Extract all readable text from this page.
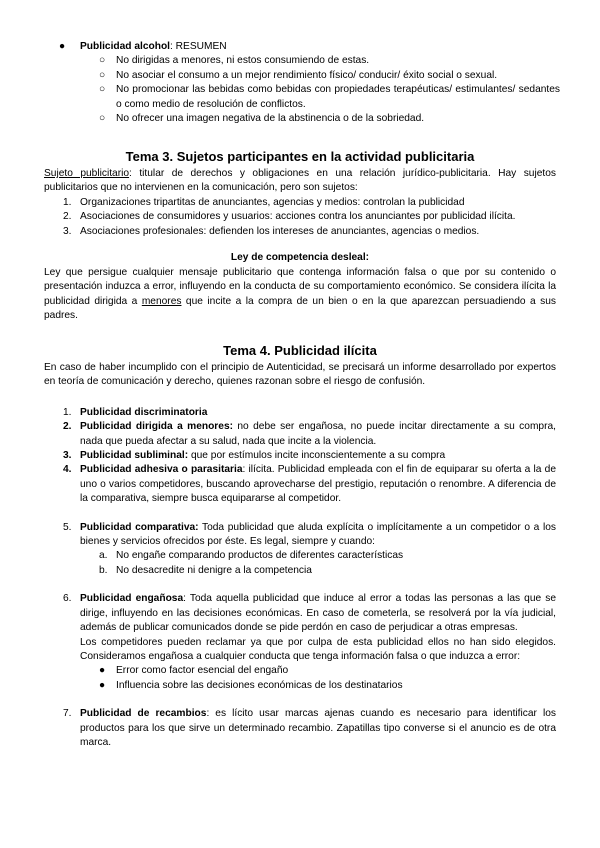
● Publicidad alcohol: RESUMEN
○ No dirigidas a menores, ni estos consumiendo de estas.
○ No asociar el consumo a un mejor rendimiento físico/ conducir/ éxito social o sexual.
○ No promocionar las bebidas como bebidas con propiedades terapéuticas/ estimulantes/ sedantes o como medio de resolución de conflictos.
○ No ofrecer una imagen negativa de la abstinencia o de la sobriedad.
Tema 3. Sujetos participantes en la actividad publicitaria

Sujeto publicitario: titular de derechos y obligaciones en una relación jurídico-publicitaria. Hay sujetos publicitarios que no intervienen en la comunicación, pero son sujetos:

1. Organizaciones tripartitas de anunciantes, agencias y medios: controlan la publicidad
2. Asociaciones de consumidores y usuarios: acciones contra los anunciantes por publicidad ilícita.
3. Asociaciones profesionales: defienden los intereses de anunciantes, agencias o medios.
Ley de competencia desleal:

Ley que persigue cualquier mensaje publicitario que contenga información falsa o que por su contenido o presentación induzca a error, influyendo en la conducta de su comportamiento económico. Se considera ilícita la publicidad dirigida a menores que incite a la compra de un bien o en la que aparezcan persuadiendo a sus padres.

Tema 4. Publicidad ilícita

En caso de haber incumplido con el principio de Autenticidad, se precisará un informe desarrollado por expertos en teoría de comunicación y derecho, quienes razonan sobre el riesgo de confusión.

1. Publicidad discriminatoria
2. Publicidad dirigida a menores: no debe ser engañosa, no puede incitar directamente a su compra, nada que pueda afectar a su salud, nada que incite a la violencia.
3. Publicidad subliminal: que por estímulos incite inconscientemente a su compra
4. Publicidad adhesiva o parasitaria: ilícita. Publicidad empleada con el fin de equiparar su oferta a la de uno o varios competidores, buscando aprovecharse del prestigio, reputación o renombre. A diferencia de la comparativa, siempre busca equipararse al competidor.
5. Publicidad comparativa: Toda publicidad que aluda explícita o implícitamente a un competidor o a los bienes y servicios ofrecidos por éste. Es legal, siempre y cuando:
a. No engañe comparando productos de diferentes características
b. No desacredite ni denigre a la competencia
6. Publicidad engañosa: Toda aquella publicidad que induce al error a todas las personas a las que se dirige, influyendo en las decisiones económicas. En caso de cometerla, se resolverá por la vía judicial, además de publicar comunicados donde se pide perdón en caso de perjudicar a otras empresas.

Los competidores pueden reclamar ya que por culpa de esta publicidad ellos no han sido elegidos. Consideramos engañosa a cualquier conducta que tenga información falsa o que induzca a error:

● Error como factor esencial del engaño
● Influencia sobre las decisiones económicas de los destinatarios
7. Publicidad de recambios: es lícito usar marcas ajenas cuando es necesario para identificar los productos para los que sirve un determinado recambio. Zapatillas tipo converse si el anuncio es de otra marca.
